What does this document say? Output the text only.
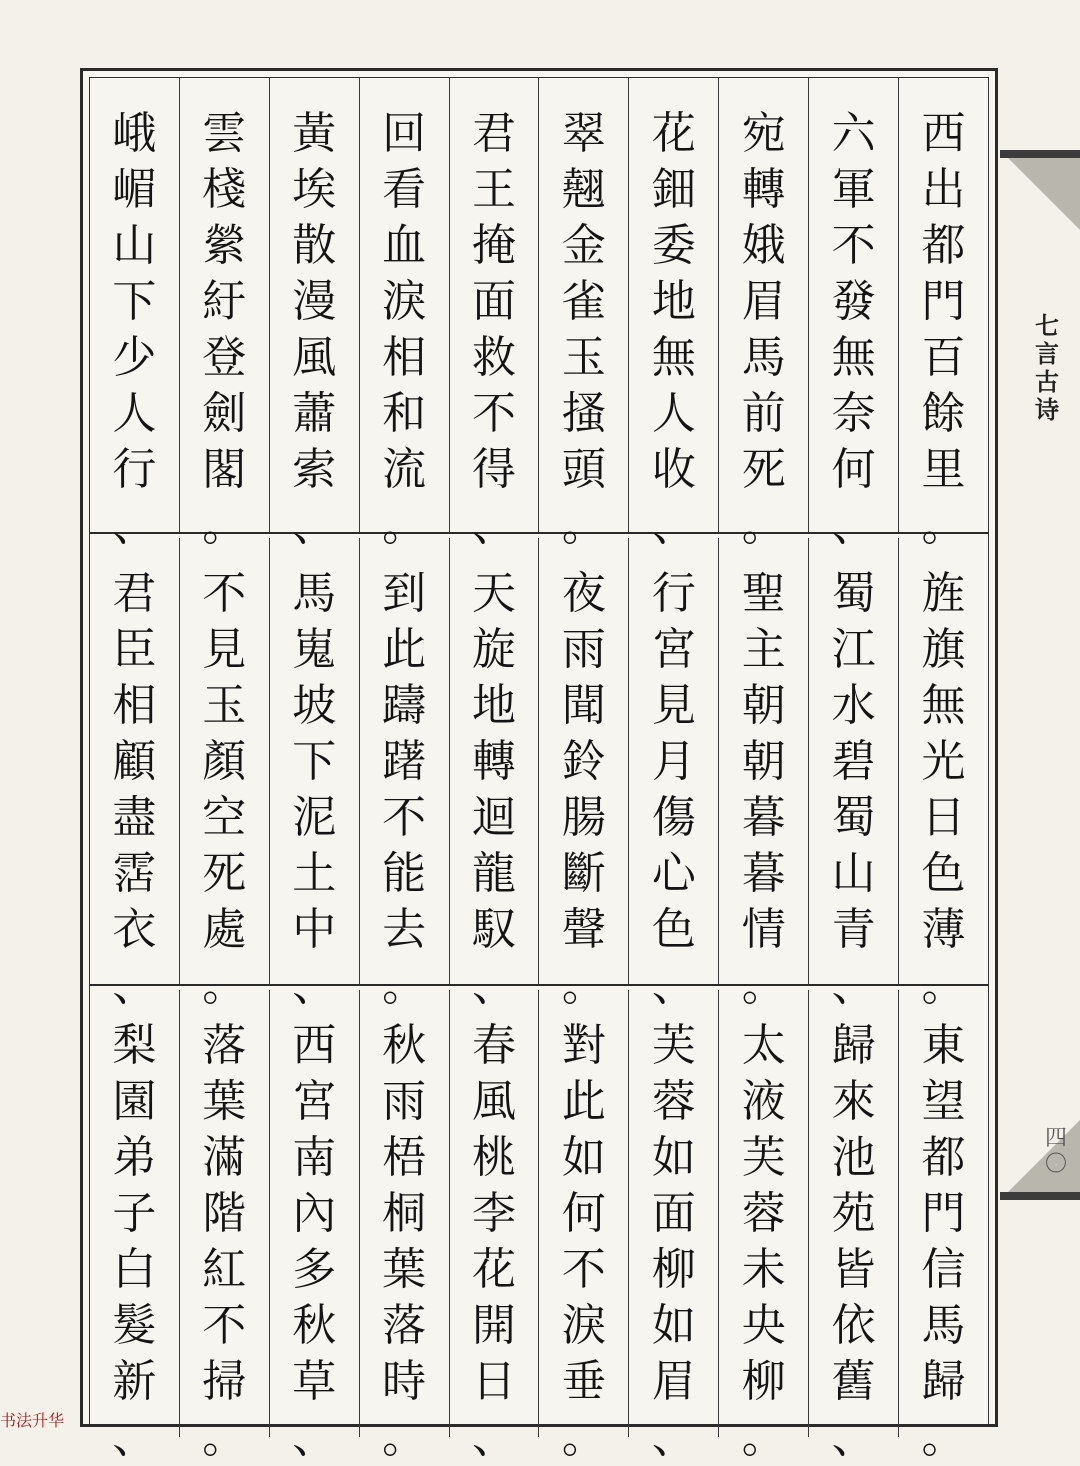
西
出
都
門
百
餘
里
。
六
軍
不
發
無
奈
何
、
宛
轉
娥
眉
馬
前
死
。
花
鈿
委
地
無
人
收
、
翠
翹
金
雀
玉
搔
頭
。
君
王
掩
面
救
不
得
、
回
看
血
淚
相
和
流
。
黃
埃
散
漫
風
蕭
索
、
雲
棧
縈
紆
登
劍
閣
。
峨
嵋
山
下
少
人
行
、
旌
旗
無
光
日
色
薄
。
蜀
江
水
碧
蜀
山
青
、
聖
主
朝
朝
暮
暮
情
。
行
宮
見
月
傷
心
色
、
夜
雨
聞
鈴
腸
斷
聲
。
天
旋
地
轉
迴
龍
馭
、
到
此
躊
躇
不
能
去
。
馬
嵬
坡
下
泥
土
中
、
不
見
玉
顏
空
死
處
。
君
臣
相
顧
盡
霑
衣
、
東
望
都
門
信
馬
歸
。
歸
來
池
苑
皆
依
舊
、
太
液
芙
蓉
未
央
柳
。
芙
蓉
如
面
柳
如
眉
、
對
此
如
何
不
淚
垂
。
春
風
桃
李
花
開
日
、
秋
雨
梧
桐
葉
落
時
。
西
宮
南
內
多
秋
草
、
落
葉
滿
階
紅
不
掃
。
梨
園
弟
子
白
髮
新
、
七
言
古
诗
四
〇
书法升华
